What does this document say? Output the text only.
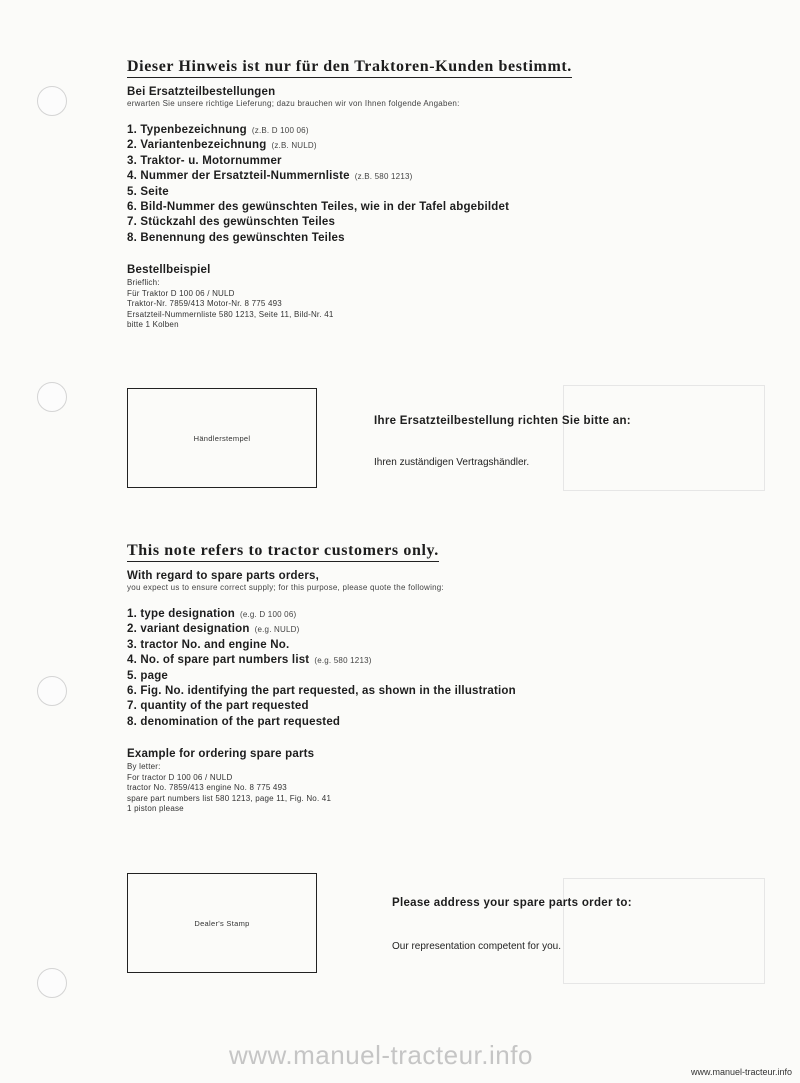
Dieser Hinweis ist nur für den Traktoren-Kunden bestimmt.
Bei Ersatzteilbestellungen
erwarten Sie unsere richtige Lieferung; dazu brauchen wir von Ihnen folgende Angaben:
1. Typenbezeichnung (z.B. D 100 06)
2. Variantenbezeichnung (z.B. NULD)
3. Traktor- u. Motornummer
4. Nummer der Ersatzteil-Nummernliste (z.B. 580 1213)
5. Seite
6. Bild-Nummer des gewünschten Teiles, wie in der Tafel abgebildet
7. Stückzahl des gewünschten Teiles
8. Benennung des gewünschten Teiles
Bestellbeispiel
Brieflich:
Für Traktor D 100 06 / NULD
Traktor-Nr. 7859/413 Motor-Nr. 8 775 493
Ersatzteil-Nummernliste 580 1213, Seite 11, Bild-Nr. 41
bitte 1 Kolben
Händlerstempel
Ihre Ersatzteilbestellung richten Sie bitte an:
Ihren zuständigen Vertragshändler.
This note refers to tractor customers only.
With regard to spare parts orders,
you expect us to ensure correct supply; for this purpose, please quote the following:
1. type designation (e.g. D 100 06)
2. variant designation (e.g. NULD)
3. tractor No. and engine No.
4. No. of spare part numbers list (e.g. 580 1213)
5. page
6. Fig. No. identifying the part requested, as shown in the illustration
7. quantity of the part requested
8. denomination of the part requested
Example for ordering spare parts
By letter:
For tractor D 100 06 / NULD
tractor No. 7859/413 engine No. 8 775 493
spare part numbers list 580 1213, page 11, Fig. No. 41
1 piston please
Dealer's Stamp
Please address your spare parts order to:
Our representation competent for you.
www.manuel-tracteur.info
www.manuel-tracteur.info
